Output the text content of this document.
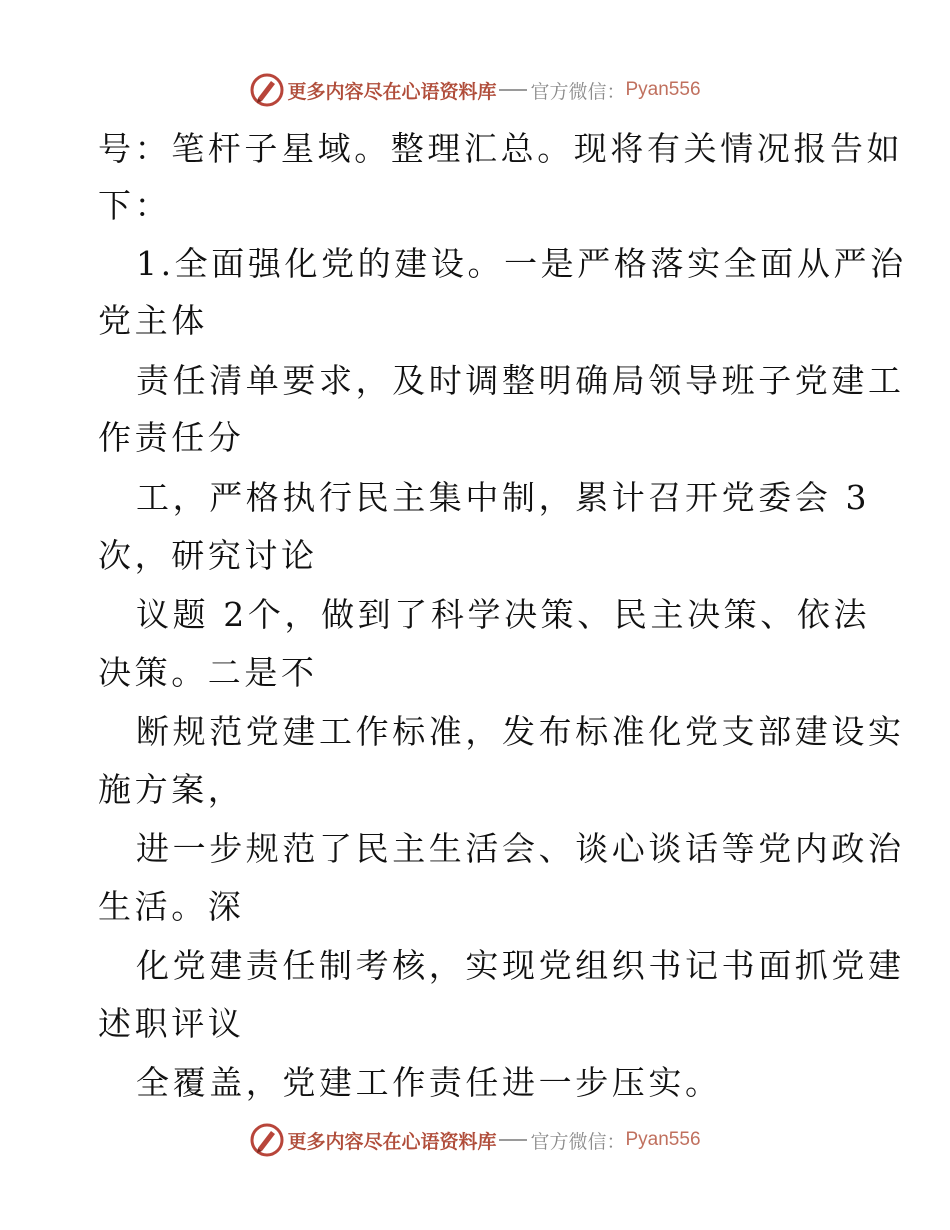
更多内容尽在心语资料库 官方微信： Pyan556
号：笔杆子星域。整理汇总。现将有关情况报告如
下：
1.全面强化党的建设。一是严格落实全面从严治
党主体
责任清单要求，及时调整明确局领导班子党建工
作责任分
工，严格执行民主集中制，累计召开党委会 3
次，研究讨论
议题 2个，做到了科学决策、民主决策、依法
决策。二是不
断规范党建工作标准，发布标准化党支部建设实
施方案，
进一步规范了民主生活会、谈心谈话等党内政治
生活。深
化党建责任制考核，实现党组织书记书面抓党建
述职评议
全覆盖，党建工作责任进一步压实。
更多内容尽在心语资料库 官方微信： Pyan556
